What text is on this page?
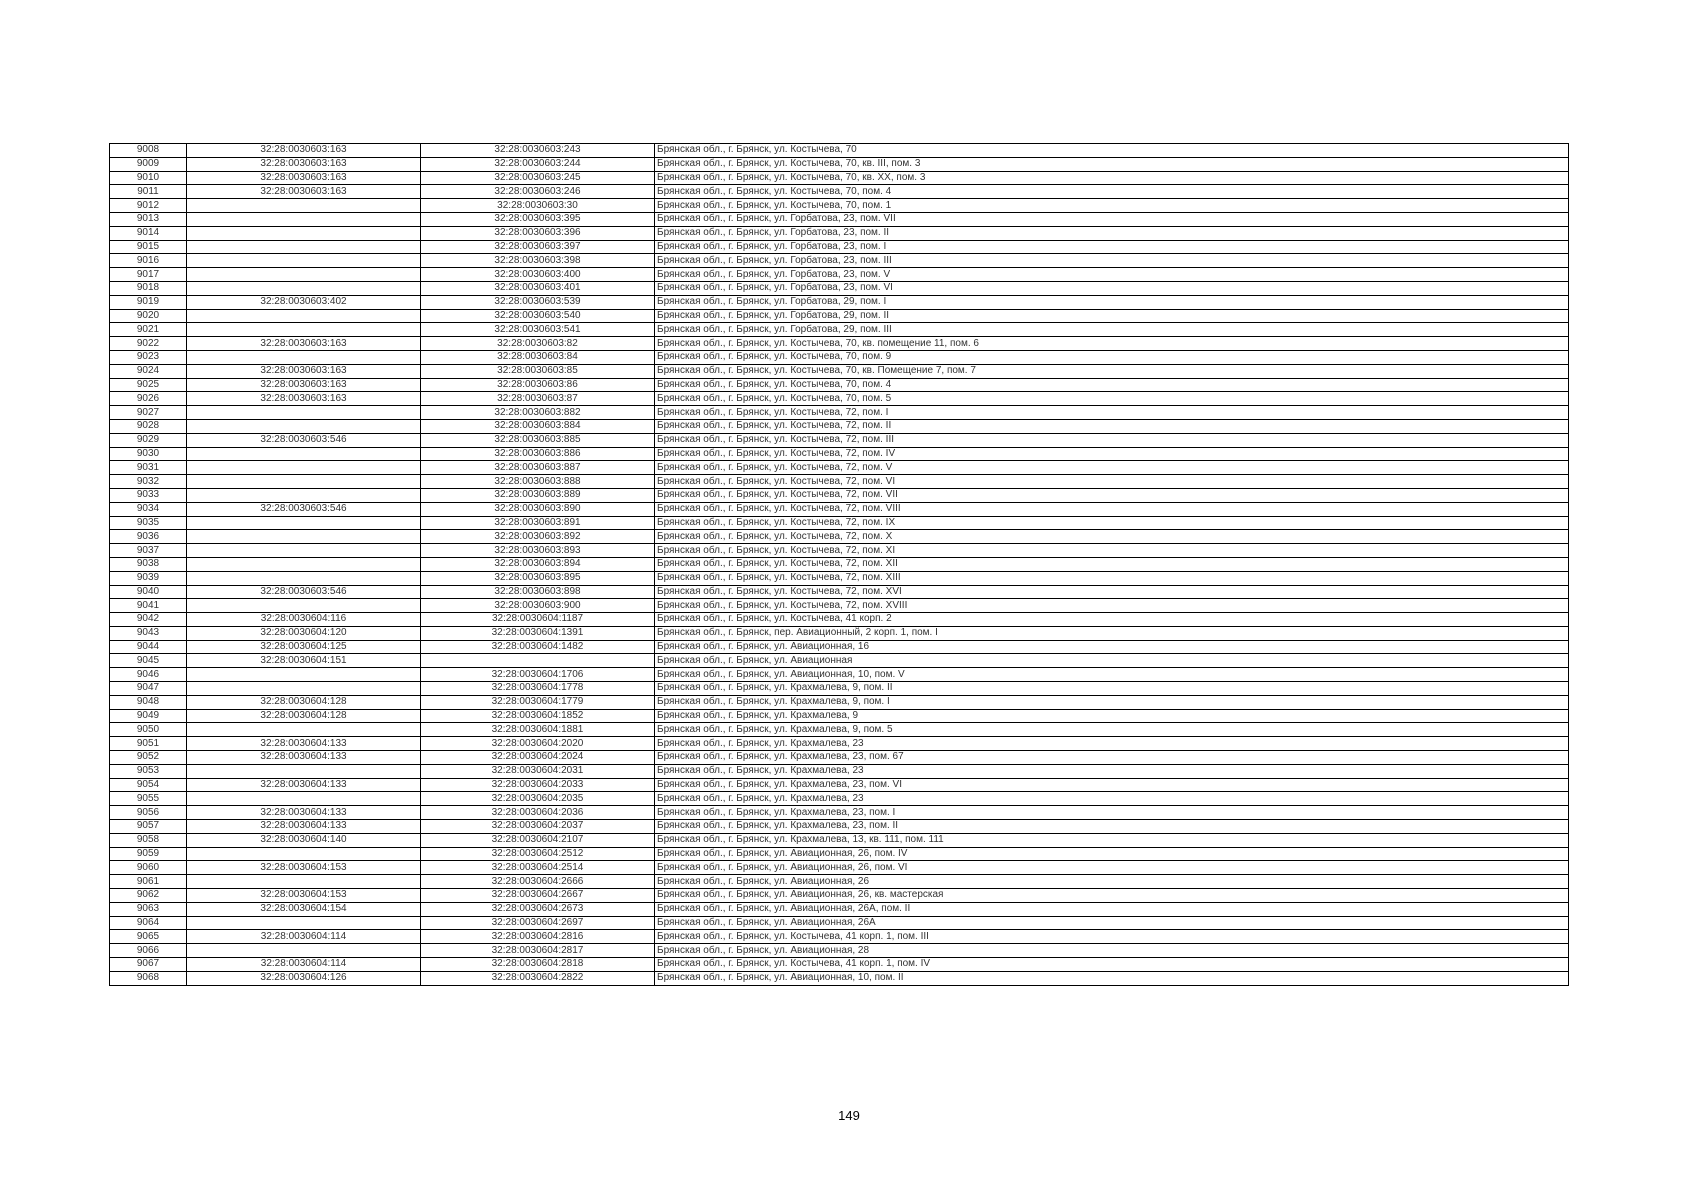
9008	32:28:0030603:163	32:28:0030603:243	Брянская обл., г. Брянск, ул. Костычева, 70
9009	32:28:0030603:163	32:28:0030603:244	Брянская обл., г. Брянск, ул. Костычева, 70, кв. III, пом. 3
9010	32:28:0030603:163	32:28:0030603:245	Брянская обл., г. Брянск, ул. Костычева, 70, кв. XX, пом. 3
9011	32:28:0030603:163	32:28:0030603:246	Брянская обл., г. Брянск, ул. Костычева, 70, пом. 4
9012		32:28:0030603:30	Брянская обл., г. Брянск, ул. Костычева, 70, пом. 1
9013		32:28:0030603:395	Брянская обл., г. Брянск, ул. Горбатова, 23, пом. VII
9014		32:28:0030603:396	Брянская обл., г. Брянск, ул. Горбатова, 23, пом. II
9015		32:28:0030603:397	Брянская обл., г. Брянск, ул. Горбатова, 23, пом. I
9016		32:28:0030603:398	Брянская обл., г. Брянск, ул. Горбатова, 23, пом. III
9017		32:28:0030603:400	Брянская обл., г. Брянск, ул. Горбатова, 23, пом. V
9018		32:28:0030603:401	Брянская обл., г. Брянск, ул. Горбатова, 23, пом. VI
9019	32:28:0030603:402	32:28:0030603:539	Брянская обл., г. Брянск, ул. Горбатова, 29, пом. I
9020		32:28:0030603:540	Брянская обл., г. Брянск, ул. Горбатова, 29, пом. II
9021		32:28:0030603:541	Брянская обл., г. Брянск, ул. Горбатова, 29, пом. III
9022	32:28:0030603:163	32:28:0030603:82	Брянская обл., г. Брянск, ул. Костычева, 70, кв. помещение 11, пом. 6
9023		32:28:0030603:84	Брянская обл., г. Брянск, ул. Костычева, 70, пом. 9
9024	32:28:0030603:163	32:28:0030603:85	Брянская обл., г. Брянск, ул. Костычева, 70, кв. Помещение 7, пом. 7
9025	32:28:0030603:163	32:28:0030603:86	Брянская обл., г. Брянск, ул. Костычева, 70, пом. 4
9026	32:28:0030603:163	32:28:0030603:87	Брянская обл., г. Брянск, ул. Костычева, 70, пом. 5
9027		32:28:0030603:882	Брянская обл., г. Брянск, ул. Костычева, 72, пом. I
9028		32:28:0030603:884	Брянская обл., г. Брянск, ул. Костычева, 72, пом. II
9029	32:28:0030603:546	32:28:0030603:885	Брянская обл., г. Брянск, ул. Костычева, 72, пом. III
9030		32:28:0030603:886	Брянская обл., г. Брянск, ул. Костычева, 72, пом. IV
9031		32:28:0030603:887	Брянская обл., г. Брянск, ул. Костычева, 72, пом. V
9032		32:28:0030603:888	Брянская обл., г. Брянск, ул. Костычева, 72, пом. VI
9033		32:28:0030603:889	Брянская обл., г. Брянск, ул. Костычева, 72, пом. VII
9034	32:28:0030603:546	32:28:0030603:890	Брянская обл., г. Брянск, ул. Костычева, 72, пом. VIII
9035		32:28:0030603:891	Брянская обл., г. Брянск, ул. Костычева, 72, пом. IX
9036		32:28:0030603:892	Брянская обл., г. Брянск, ул. Костычева, 72, пом. X
9037		32:28:0030603:893	Брянская обл., г. Брянск, ул. Костычева, 72, пом. XI
9038		32:28:0030603:894	Брянская обл., г. Брянск, ул. Костычева, 72, пом. XII
9039		32:28:0030603:895	Брянская обл., г. Брянск, ул. Костычева, 72, пом. XIII
9040	32:28:0030603:546	32:28:0030603:898	Брянская обл., г. Брянск, ул. Костычева, 72, пом. XVI
9041		32:28:0030603:900	Брянская обл., г. Брянск, ул. Костычева, 72, пом. XVIII
9042	32:28:0030604:116	32:28:0030604:1187	Брянская обл., г. Брянск, ул. Костычева, 41 корп. 2
9043	32:28:0030604:120	32:28:0030604:1391	Брянская обл., г. Брянск, пер. Авиационный, 2 корп. 1, пом. I
9044	32:28:0030604:125	32:28:0030604:1482	Брянская обл., г. Брянск, ул. Авиационная, 16
9045	32:28:0030604:151		Брянская обл., г. Брянск, ул. Авиационная
9046		32:28:0030604:1706	Брянская обл., г. Брянск, ул. Авиационная, 10, пом. V
9047		32:28:0030604:1778	Брянская обл., г. Брянск, ул. Крахмалева, 9, пом. II
9048	32:28:0030604:128	32:28:0030604:1779	Брянская обл., г. Брянск, ул. Крахмалева, 9, пом. I
9049	32:28:0030604:128	32:28:0030604:1852	Брянская обл., г. Брянск, ул. Крахмалева, 9
9050		32:28:0030604:1881	Брянская обл., г. Брянск, ул. Крахмалева, 9, пом. 5
9051	32:28:0030604:133	32:28:0030604:2020	Брянская обл., г. Брянск, ул. Крахмалева, 23
9052	32:28:0030604:133	32:28:0030604:2024	Брянская обл., г. Брянск, ул. Крахмалева, 23, пом. 67
9053		32:28:0030604:2031	Брянская обл., г. Брянск, ул. Крахмалева, 23
9054	32:28:0030604:133	32:28:0030604:2033	Брянская обл., г. Брянск, ул. Крахмалева, 23, пом. VI
9055		32:28:0030604:2035	Брянская обл., г. Брянск, ул. Крахмалева, 23
9056	32:28:0030604:133	32:28:0030604:2036	Брянская обл., г. Брянск, ул. Крахмалева, 23, пом. I
9057	32:28:0030604:133	32:28:0030604:2037	Брянская обл., г. Брянск, ул. Крахмалева, 23, пом. II
9058	32:28:0030604:140	32:28:0030604:2107	Брянская обл., г. Брянск, ул. Крахмалева, 13, кв. 111, пом. 111
9059		32:28:0030604:2512	Брянская обл., г. Брянск, ул. Авиационная, 26, пом. IV
9060	32:28:0030604:153	32:28:0030604:2514	Брянская обл., г. Брянск, ул. Авиационная, 26, пом. VI
9061		32:28:0030604:2666	Брянская обл., г. Брянск, ул. Авиационная, 26
9062	32:28:0030604:153	32:28:0030604:2667	Брянская обл., г. Брянск, ул. Авиационная, 26, кв. мастерская
9063	32:28:0030604:154	32:28:0030604:2673	Брянская обл., г. Брянск, ул. Авиационная, 26А, пом. II
9064		32:28:0030604:2697	Брянская обл., г. Брянск, ул. Авиационная, 26А
9065	32:28:0030604:114	32:28:0030604:2816	Брянская обл., г. Брянск, ул. Костычева, 41 корп. 1, пом. III
9066		32:28:0030604:2817	Брянская обл., г. Брянск, ул. Авиационная, 28
9067	32:28:0030604:114	32:28:0030604:2818	Брянская обл., г. Брянск, ул. Костычева, 41 корп. 1, пом. IV
9068	32:28:0030604:126	32:28:0030604:2822	Брянская обл., г. Брянск, ул. Авиационная, 10, пом. II
149
